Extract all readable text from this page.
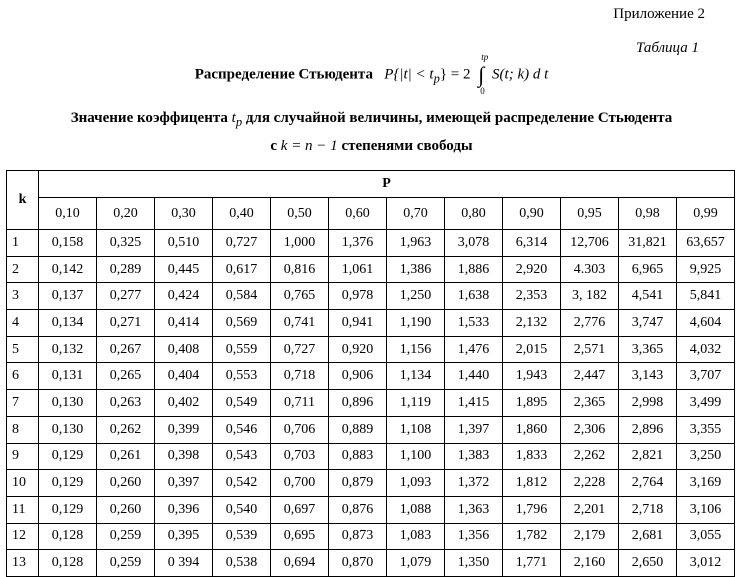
Приложение 2
Таблица 1
Распределение Стьюдента $P\{|t| < t_p\} = 2$ ∫
tp
0
S(t; k) d t
Значение коэффицента $t_p$ для случайной величины, имеющей распределение Стьюдента
с k = n − 1 степенями свободы
k	P											
	0,10	0,20	0,30	0,40	0,50	0,60	0,70	0,80	0,90	0,95	0,98	0,99
1	0,158	0,325	0,510	0,727	1,000	1,376	1,963	3,078	6,314	12,706	31,821	63,657
2	0,142	0,289	0,445	0,617	0,816	1,061	1,386	1,886	2,920	4.303	6,965	9,925
3	0,137	0,277	0,424	0,584	0,765	0,978	1,250	1,638	2,353	3, 182	4,541	5,841
4	0,134	0,271	0,414	0,569	0,741	0,941	1,190	1,533	2,132	2,776	3,747	4,604
5	0,132	0,267	0,408	0,559	0,727	0,920	1,156	1,476	2,015	2,571	3,365	4,032
6	0,131	0,265	0,404	0,553	0,718	0,906	1,134	1,440	1,943	2,447	3,143	3,707
7	0,130	0,263	0,402	0,549	0,711	0,896	1,119	1,415	1,895	2,365	2,998	3,499
8	0,130	0,262	0,399	0,546	0,706	0,889	1,108	1,397	1,860	2,306	2,896	3,355
9	0,129	0,261	0,398	0,543	0,703	0,883	1,100	1,383	1,833	2,262	2,821	3,250
10	0,129	0,260	0,397	0,542	0,700	0,879	1,093	1,372	1,812	2,228	2,764	3,169
11	0,129	0,260	0,396	0,540	0,697	0,876	1,088	1,363	1,796	2,201	2,718	3,106
12	0,128	0,259	0,395	0,539	0,695	0,873	1,083	1,356	1,782	2,179	2,681	3,055
13	0,128	0,259	0 394	0,538	0,694	0,870	1,079	1,350	1,771	2,160	2,650	3,012
